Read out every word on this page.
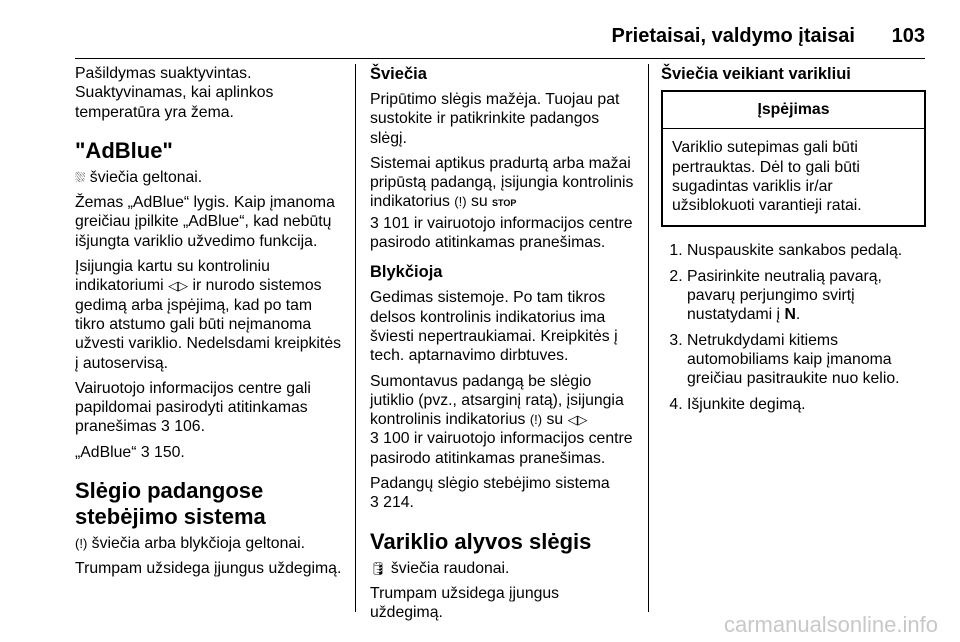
Prietaisai, valdymo įtaisai 103

Pašildymas suaktyvintas.
Suaktyvinamas, kai aplinkos temperatūra yra žema.

"AdBlue"

⛆ šviečia geltonai.

Žemas „AdBlue“ lygis. Kaip įmanoma greičiau įpilkite „AdBlue“, kad nebūtų išjungta variklio užvedimo funkcija.

Įsijungia kartu su kontroliniu indikatoriumi ◁▷ ir nurodo sistemos gedimą arba įspėjimą, kad po tam tikro atstumo gali būti neįmanoma užvesti variklio. Nedelsdami kreipkitės į autoservisą.

Vairuotojo informacijos centre gali papildomai pasirodyti atitinkamas pranešimas 3 106.

„AdBlue“ 3 150.

Slėgio padangose stebėjimo sistema

(!) šviečia arba blykčioja geltonai.

Trumpam užsidega įjungus uždegimą.

Šviečia

Pripūtimo slėgis mažėja. Tuojau pat sustokite ir patikrinkite padangos slėgį.

Sistemai aptikus pradurtą arba mažai pripūstą padangą, įsijungia kontrolinis indikatorius (!) su STOP
3 101 ir vairuotojo informacijos centre pasirodo atitinkamas pranešimas.

Blykčioja

Gedimas sistemoje. Po tam tikros delsos kontrolinis indikatorius ima šviesti nepertraukiamai. Kreipkitės į tech. aptarnavimo dirbtuves.

Sumontavus padangą be slėgio jutiklio (pvz., atsarginį ratą), įsijungia kontrolinis indikatorius (!) su ◁▷
3 100 ir vairuotojo informacijos centre pasirodo atitinkamas pranešimas.

Padangų slėgio stebėjimo sistema
3 214.

Variklio alyvos slėgis

🛢 šviečia raudonai.

Trumpam užsidega įjungus uždegimą.

Šviečia veikiant varikliui
Įspėjimas
Variklio sutepimas gali būti pertrauktas. Dėl to gali būti sugadintas variklis ir/ar užsiblokuoti varantieji ratai.
1. Nuspauskite sankabos pedalą.
2. Pasirinkite neutralią pavarą, pavarų perjungimo svirtį nustatydami į N.
3. Netrukdydami kitiems automobiliams kaip įmanoma greičiau pasitraukite nuo kelio.
4. Išjunkite degimą.
carmanualsonline.info
